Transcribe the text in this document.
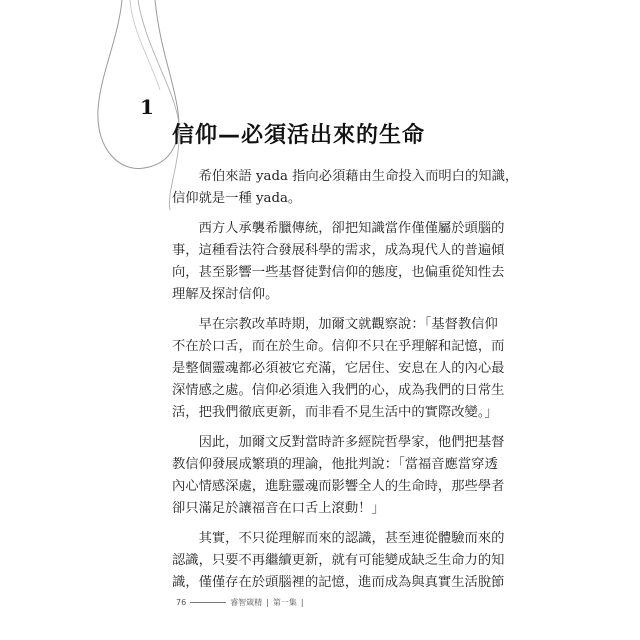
1
信仰—必須活出來的生命
希伯來語 yada 指向必須藉由生命投入而明白的知識，
信仰就是一種 yada。
西方人承襲希臘傳統，卻把知識當作僅僅屬於頭腦的
事，這種看法符合發展科學的需求，成為現代人的普遍傾
向，甚至影響一些基督徒對信仰的態度，也偏重從知性去
理解及探討信仰。
早在宗教改革時期，加爾文就觀察說：「基督教信仰
不在於口舌，而在於生命。信仰不只在乎理解和記憶，而
是整個靈魂都必須被它充滿，它居住、安息在人的內心最
深情感之處。信仰必須進入我們的心，成為我們的日常生
活，把我們徹底更新，而非看不見生活中的實際改變。」
因此，加爾文反對當時許多經院哲學家，他們把基督
教信仰發展成繁瑣的理論，他批判說：「當福音應當穿透
內心情感深處，進駐靈魂而影響全人的生命時，那些學者
卻只滿足於讓福音在口舌上滾動！」
其實，不只從理解而來的認識，甚至連從體驗而來的
認識，只要不再繼續更新，就有可能變成缺乏生命力的知
識，僅僅存在於頭腦裡的記憶，進而成為與真實生活脫節
76	睿智箴精 | 第一集 |
